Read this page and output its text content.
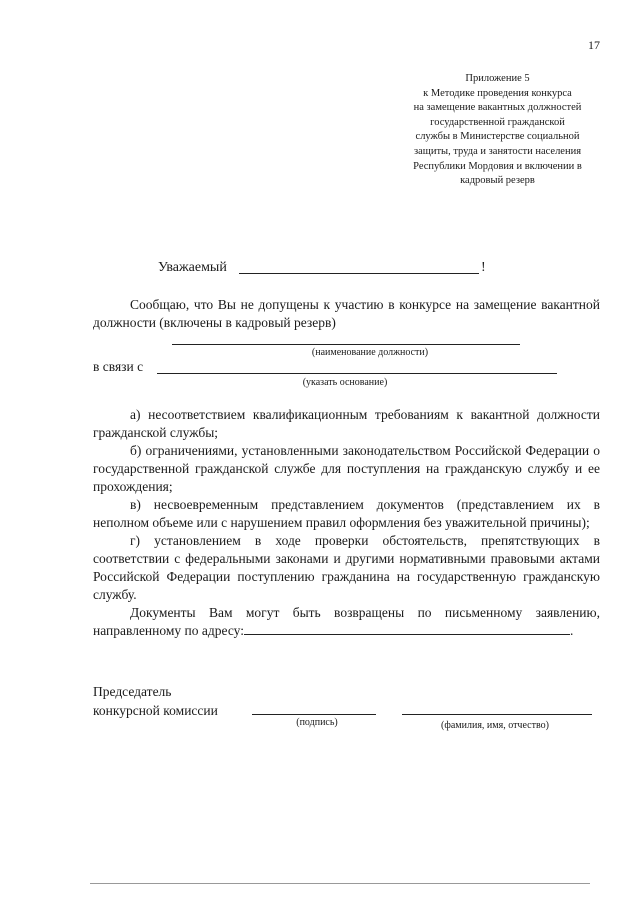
17
Приложение 5
к Методике проведения конкурса
на замещение вакантных должностей
государственной гражданской
службы в Министерстве социальной
защиты, труда и занятости населения
Республики Мордовия и включении в
кадровый резерв
Уважаемый	!

Сообщаю, что Вы не допущены к участию в конкурсе на замещение вакантной должности (включены в кадровый резерв)

(наименование должности)
в связи с
(указать основание)

а) несоответствием квалификационным требованиям к вакантной должности гражданской службы;

б) ограничениями, установленными законодательством Российской Федерации о государственной гражданской службе для поступления на гражданскую службу и ее прохождения;

в) несвоевременным представлением документов (представлением их в неполном объеме или с нарушением правил оформления без уважительной причины);

г) установлением в ходе проверки обстоятельств, препятствующих в соответствии с федеральными законами и другими нормативными правовыми актами Российской Федерации поступлению гражданина на государственную гражданскую службу.

Документы Вам могут быть возвращены по письменному заявлению, направленному по адресу:	.

Председатель
конкурсной комиссии
(подпись)	(фамилия, имя, отчество)
